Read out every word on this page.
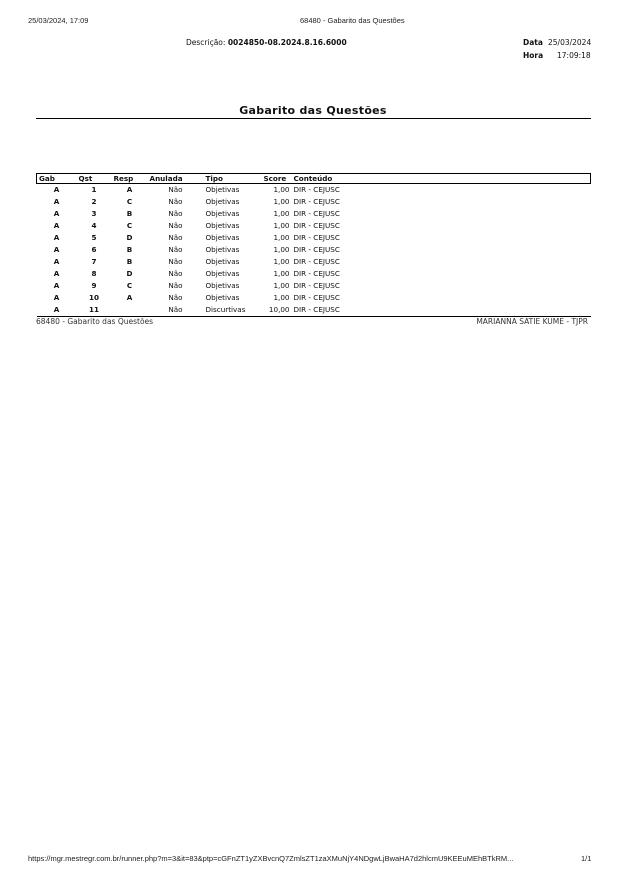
25/03/2024, 17:09	68480 - Gabarito das Questões
Descrição: 0024850-08.2024.8.16.6000	Data 25/03/2024
Hora 17:09:18
Gabarito das Questões
Gab	Qst	Resp	Anulada	Tipo	Score	Conteúdo
A	1	A	Não	Objetivas	1,00	DIR - CEJUSC
A	2	C	Não	Objetivas	1,00	DIR - CEJUSC
A	3	B	Não	Objetivas	1,00	DIR - CEJUSC
A	4	C	Não	Objetivas	1,00	DIR - CEJUSC
A	5	D	Não	Objetivas	1,00	DIR - CEJUSC
A	6	B	Não	Objetivas	1,00	DIR - CEJUSC
A	7	B	Não	Objetivas	1,00	DIR - CEJUSC
A	8	D	Não	Objetivas	1,00	DIR - CEJUSC
A	9	C	Não	Objetivas	1,00	DIR - CEJUSC
A	10	A	Não	Objetivas	1,00	DIR - CEJUSC
A	11		Não	Discurtivas	10,00	DIR - CEJUSC
68480 - Gabarito das Questões	MARIANNA SATIE KUME - TJPR
https://mgr.mestregr.com.br/runner.php?m=3&it=83&ptp=cGFnZT1yZXBvcnQ7ZmlsZT1zaXMuNjY4NDgwLjBwaHA7d2hlcmU9KEEuMEhBTkRM...	1/1
